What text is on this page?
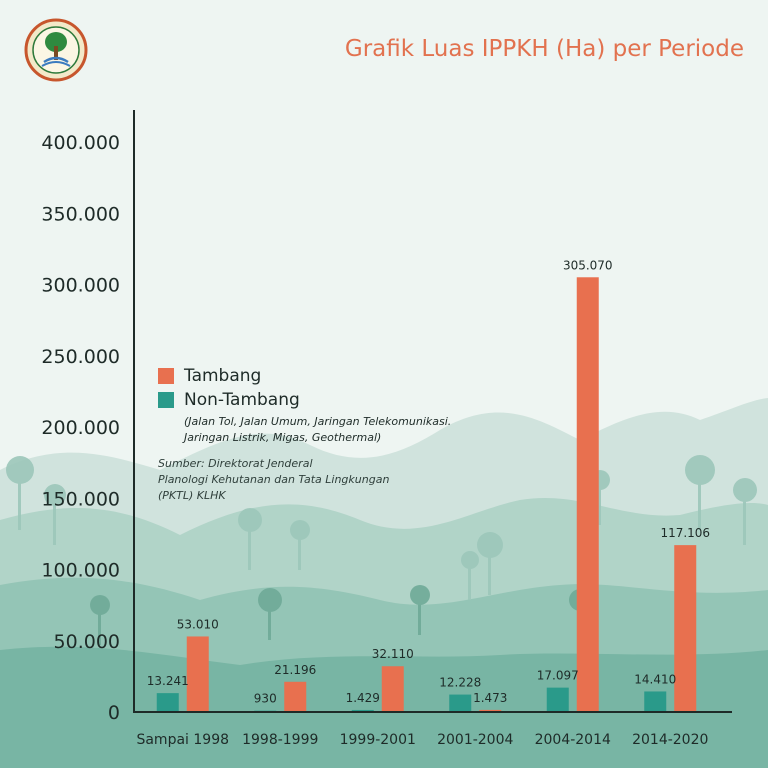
Grafik Luas IPPKH (Ha) per Periode
0
50.000
100.000
150.000
200.000
250.000
300.000
350.000
400.000
13.241
53.010
930
21.196
1.429
32.110
12.228
1.473
17.097
305.070
14.410
117.106
Sampai 1998 1998-1999 1999-2001 2001-2004 2004-2014 2014-2020
Tambang
Non-Tambang
(Jalan Tol, Jalan Umum, Jaringan Telekomunikasi.
Jaringan Listrik, Migas, Geothermal)
Sumber: Direktorat Jenderal
Planologi Kehutanan dan Tata Lingkungan
(PKTL) KLHK
